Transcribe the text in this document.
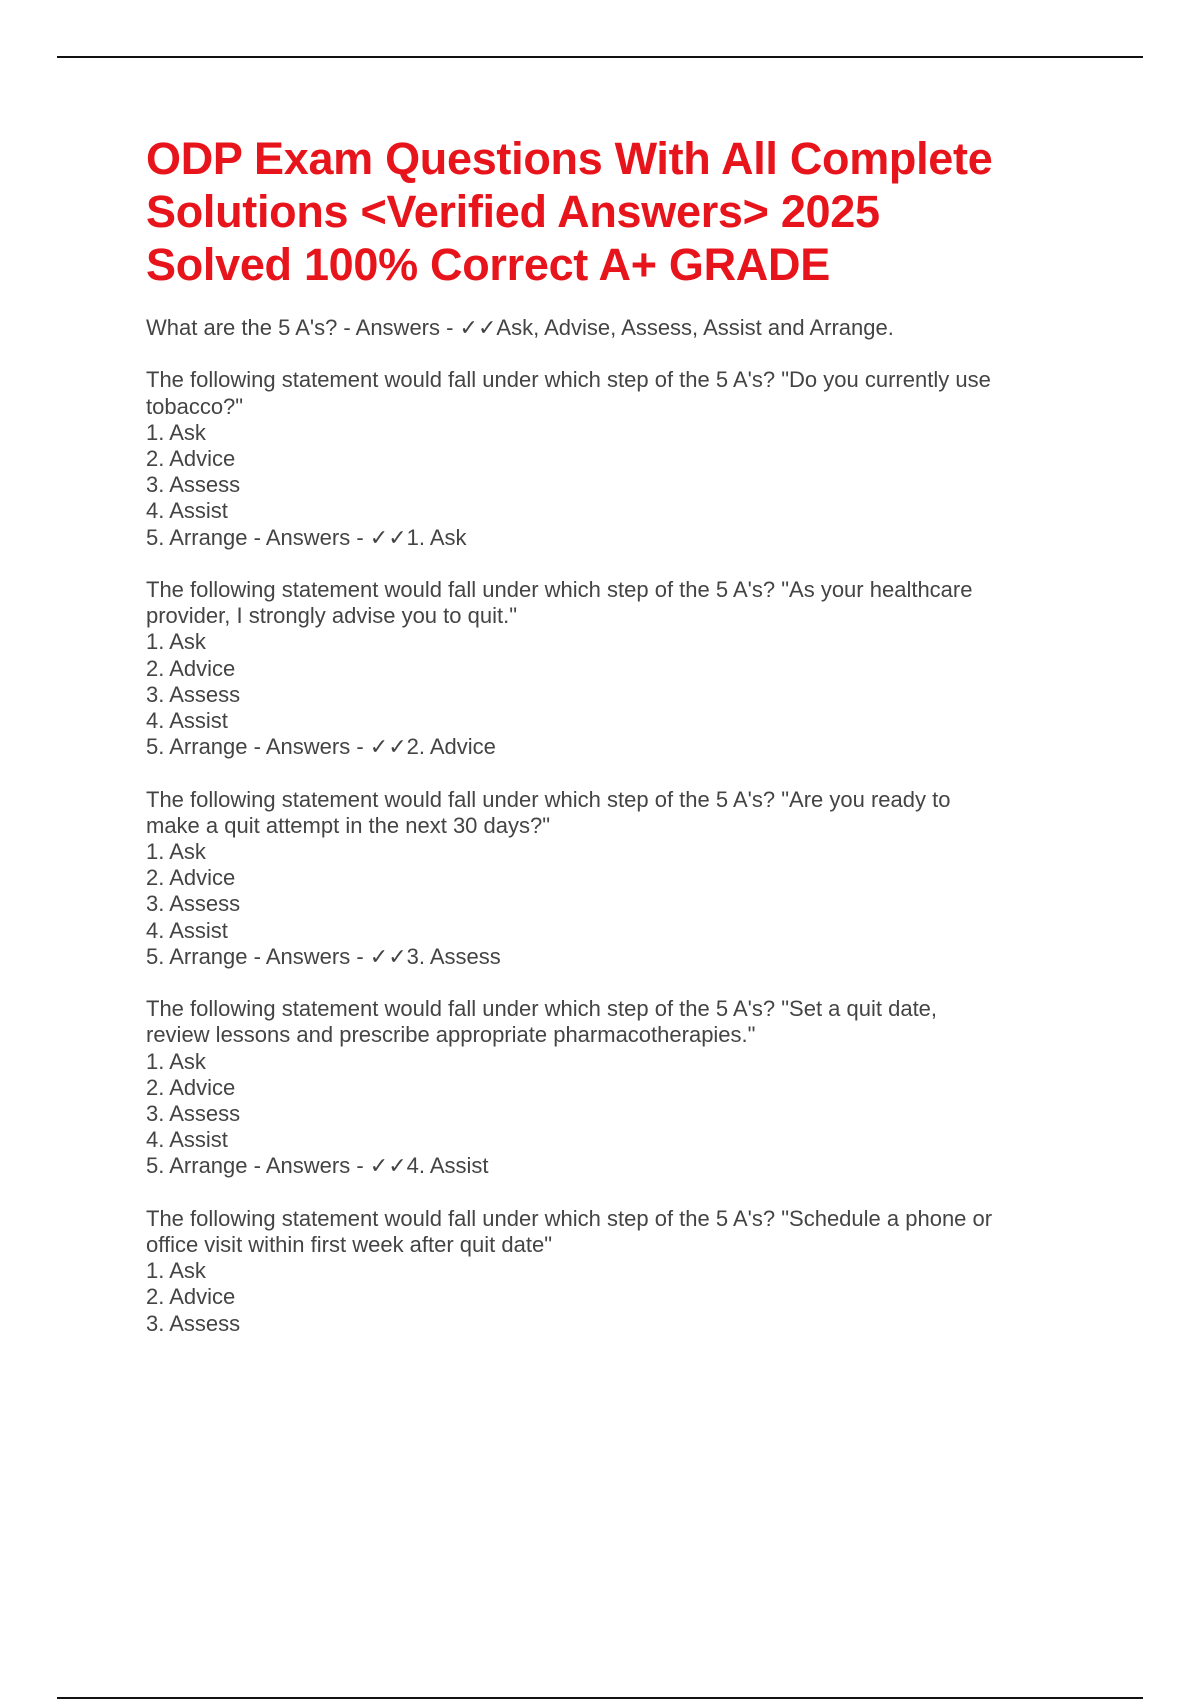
ODP Exam Questions With All Complete
Solutions <Verified Answers> 2025
Solved 100% Correct A+ GRADE
What are the 5 A's? - Answers - ✓✓Ask, Advise, Assess, Assist and Arrange.
The following statement would fall under which step of the 5 A's? "Do you currently use
tobacco?"
1. Ask
2. Advice
3. Assess
4. Assist
5. Arrange - Answers - ✓✓1. Ask
The following statement would fall under which step of the 5 A's? "As your healthcare
provider, I strongly advise you to quit."
1. Ask
2. Advice
3. Assess
4. Assist
5. Arrange - Answers - ✓✓2. Advice
The following statement would fall under which step of the 5 A's? "Are you ready to
make a quit attempt in the next 30 days?"
1. Ask
2. Advice
3. Assess
4. Assist
5. Arrange - Answers - ✓✓3. Assess
The following statement would fall under which step of the 5 A's? "Set a quit date,
review lessons and prescribe appropriate pharmacotherapies."
1. Ask
2. Advice
3. Assess
4. Assist
5. Arrange - Answers - ✓✓4. Assist
The following statement would fall under which step of the 5 A's? "Schedule a phone or
office visit within first week after quit date"
1. Ask
2. Advice
3. Assess
